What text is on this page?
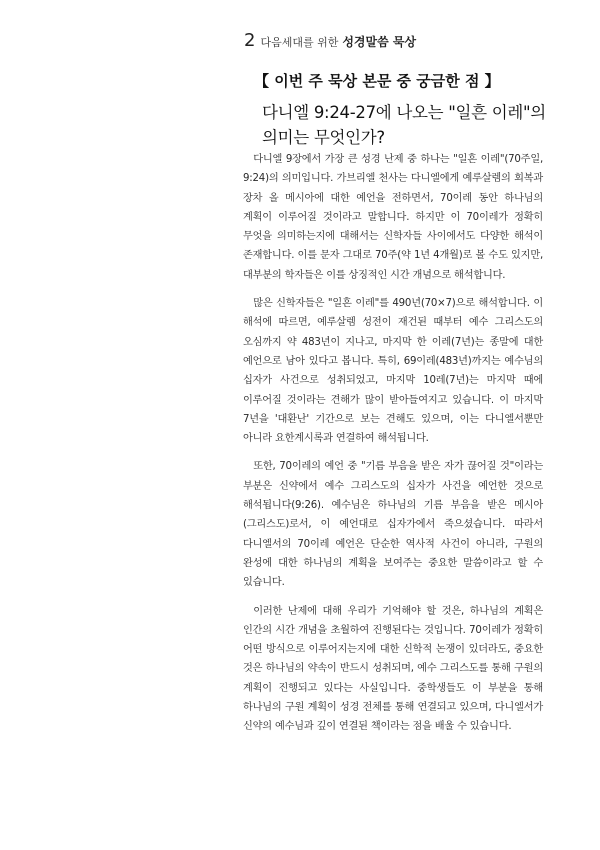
2 다음세대를 위한 성경말씀 묵상
【 이번 주 묵상 본문 중 궁금한 점 】
다니엘 9:24-27에 나오는 "일흔 이레"의 의미는 무엇인가?

다니엘 9장에서 가장 큰 성경 난제 중 하나는 "일흔 이레"(70주일, 9:24)의 의미입니다. 가브리엘 천사는 다니엘에게 예루살렘의 회복과 장차 올 메시아에 대한 예언을 전하면서, 70이레 동안 하나님의 계획이 이루어질 것이라고 말합니다. 하지만 이 70이레가 정확히 무엇을 의미하는지에 대해서는 신학자들 사이에서도 다양한 해석이 존재합니다. 이를 문자 그대로 70주(약 1년 4개월)로 볼 수도 있지만, 대부분의 학자들은 이를 상징적인 시간 개념으로 해석합니다.

많은 신학자들은 "일흔 이레"를 490년(70×7)으로 해석합니다. 이 해석에 따르면, 예루살렘 성전이 재건된 때부터 예수 그리스도의 오심까지 약 483년이 지나고, 마지막 한 이레(7년)는 종말에 대한 예언으로 남아 있다고 봅니다. 특히, 69이레(483년)까지는 예수님의 십자가 사건으로 성취되었고, 마지막 10레(7년)는 마지막 때에 이루어질 것이라는 견해가 많이 받아들여지고 있습니다. 이 마지막 7년을 '대환난' 기간으로 보는 견해도 있으며, 이는 다니엘서뿐만 아니라 요한계시록과 연결하여 해석됩니다.

또한, 70이레의 예언 중 "기름 부음을 받은 자가 끊어질 것"이라는 부분은 신약에서 예수 그리스도의 십자가 사건을 예언한 것으로 해석됩니다(9:26). 예수님은 하나님의 기름 부음을 받은 메시아(그리스도)로서, 이 예언대로 십자가에서 죽으셨습니다. 따라서 다니엘서의 70이레 예언은 단순한 역사적 사건이 아니라, 구원의 완성에 대한 하나님의 계획을 보여주는 중요한 말씀이라고 할 수 있습니다.

이러한 난제에 대해 우리가 기억해야 할 것은, 하나님의 계획은 인간의 시간 개념을 초월하여 진행된다는 것입니다. 70이레가 정확히 어떤 방식으로 이루어지는지에 대한 신학적 논쟁이 있더라도, 중요한 것은 하나님의 약속이 반드시 성취되며, 예수 그리스도를 통해 구원의 계획이 진행되고 있다는 사실입니다. 중학생들도 이 부분을 통해 하나님의 구원 계획이 성경 전체를 통해 연결되고 있으며, 다니엘서가 신약의 예수님과 깊이 연결된 책이라는 점을 배울 수 있습니다.
